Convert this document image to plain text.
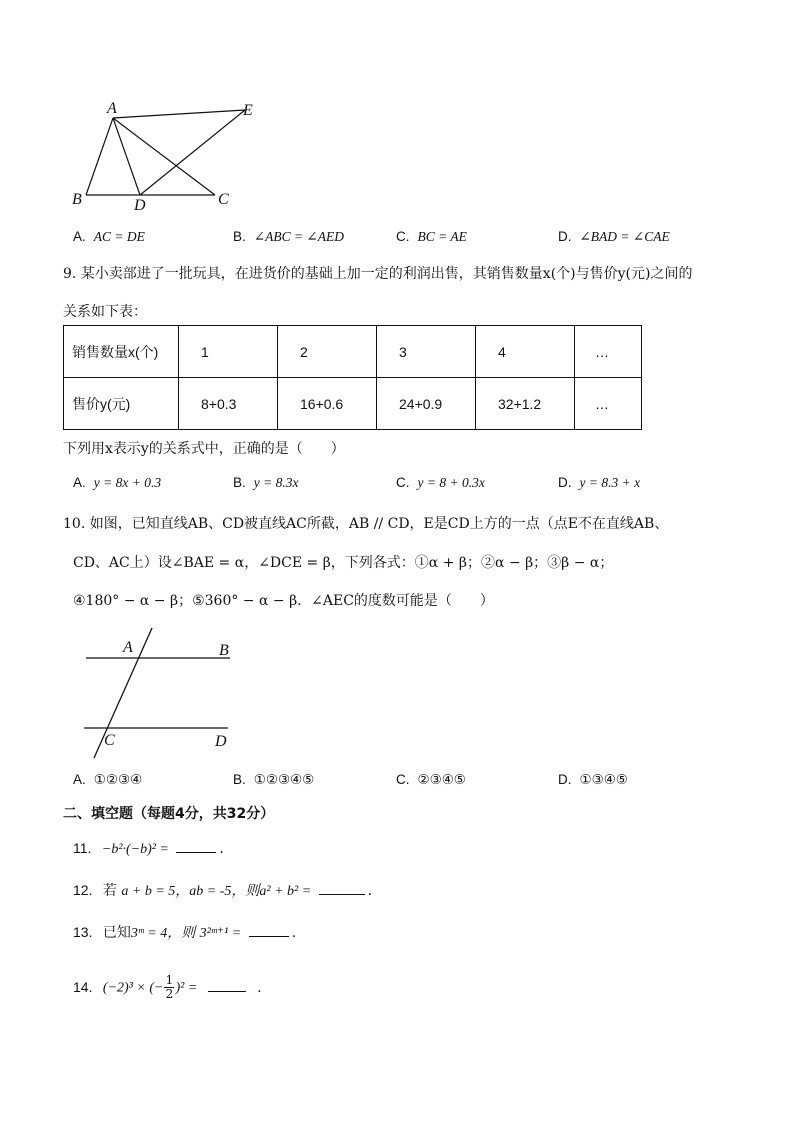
A	E
B	D	C
A. AC = DE	B. ∠ABC = ∠AED	C. BC = AE	D. ∠BAD = ∠CAE
9. 某小卖部进了一批玩具，在进货价的基础上加一定的利润出售，其销售数量x(个)与售价y(元)之间的
关系如下表：
销售数量x(个)	1	2	3	4	…
售价y(元)	8+0.3	16+0.6	24+0.9	32+1.2	…
下列用x表示y的关系式中，正确的是（　　）
A. y = 8x + 0.3	B. y = 8.3x	C. y = 8 + 0.3x	D. y = 8.3 + x
10. 如图，已知直线AB、CD被直线AC所截，AB // CD，E是CD上方的一点（点E不在直线AB、
CD、AC上）设∠BAE = α，∠DCE = β，下列各式：①α + β；②α − β；③β − α；
④180° − α − β；⑤360° − α − β．∠AEC的度数可能是（　　）
A	B
C	D
A. ①②③④	B. ①②③④⑤	C. ②③④⑤	D. ①③④⑤
二、填空题（每题4分，共32分）
11. −b²·(−b)² =	.
12. 若 a + b = 5，ab = -5，则a² + b² =	.
13. 已知3ᵐ = 4，则 3²ᵐ⁺¹ =	.
14. (−2)³ × (− $\frac{1}{2} )^2$ =	.
